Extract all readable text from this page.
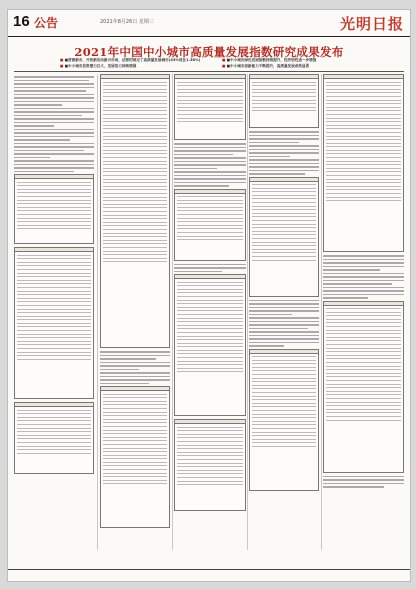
16 公告	2021年8月26日 星期三	光明日报
2021年中国中小城市高质量发展指数研究成果发布
■ ■营商新市、开放新发动新兴市场，法律的规定了高质量发展城市(43%同比1.38%)	■ ■中小城市绿色发展指数持续提升，经济韧性进一步增强
■ ■中小城市投资潜力巨大，发展活力持续增强	■ ■中小城市创新能力不断提升，高质量发展成效显著
